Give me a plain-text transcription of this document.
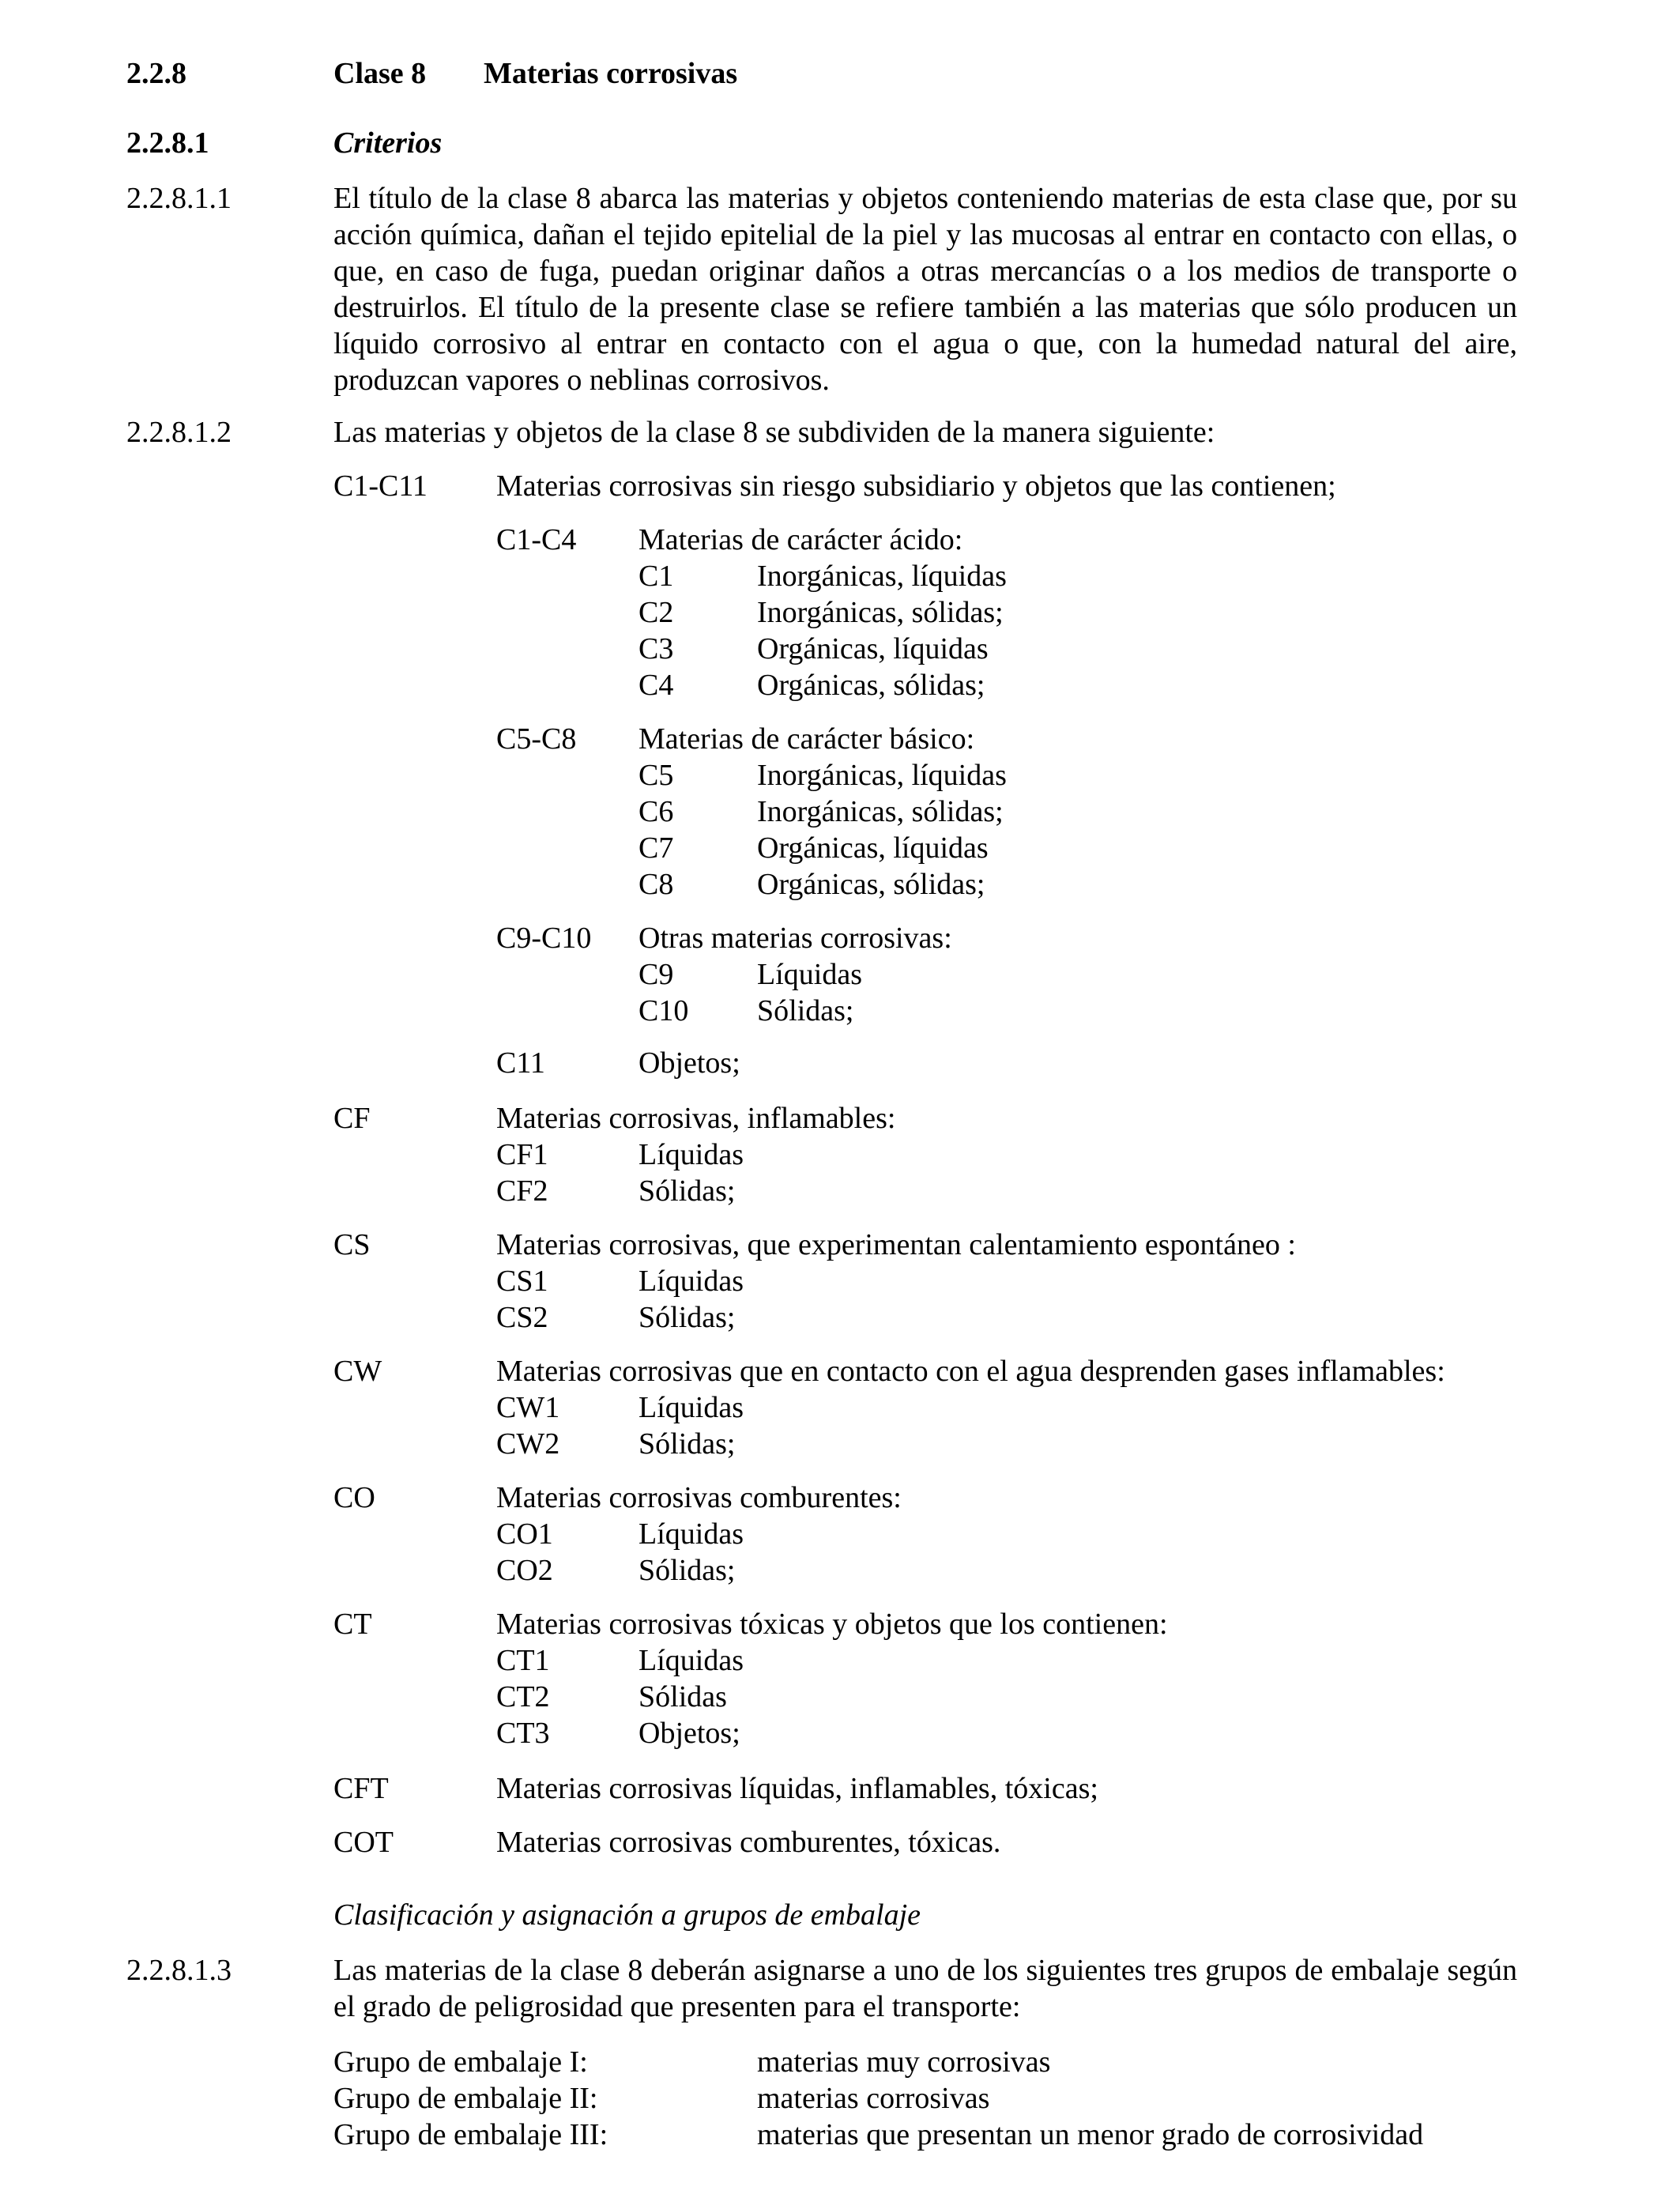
2.2.8	Clase 8 Materias corrosivas
2.2.8.1	Criterios
2.2.8.1.1	El título de la clase 8 abarca las materias y objetos conteniendo materias de esta clase que, por su acción química, dañan el tejido epitelial de la piel y las mucosas al entrar en contacto con ellas, o que, en caso de fuga, puedan originar daños a otras mercancías o a los medios de transporte o destruirlos. El título de la presente clase se refiere también a las materias que sólo producen un líquido corrosivo al entrar en contacto con el agua o que, con la humedad natural del aire, produzcan vapores o neblinas corrosivos.
2.2.8.1.2	Las materias y objetos de la clase 8 se subdividen de la manera siguiente:
C1-C11 Materias corrosivas sin riesgo subsidiario y objetos que las contienen;
C1-C4 Materias de carácter ácido:
C1	Inorgánicas, líquidas
C2	Inorgánicas, sólidas;
C3	Orgánicas, líquidas
C4	Orgánicas, sólidas;
C5-C8 Materias de carácter básico:
C5	Inorgánicas, líquidas
C6	Inorgánicas, sólidas;
C7	Orgánicas, líquidas
C8	Orgánicas, sólidas;
C9-C10 Otras materias corrosivas:
C9	Líquidas
C10 Sólidas;
C11	Objetos;
CF	Materias corrosivas, inflamables:
CF1	Líquidas
CF2	Sólidas;
CS	Materias corrosivas, que experimentan calentamiento espontáneo :
CS1	Líquidas
CS2	Sólidas;
CW	Materias corrosivas que en contacto con el agua desprenden gases inflamables:
CW1	Líquidas
CW2	Sólidas;
CO	Materias corrosivas comburentes:
CO1	Líquidas
CO2	Sólidas;
CT	Materias corrosivas tóxicas y objetos que los contienen:
CT1	Líquidas
CT2	Sólidas
CT3	Objetos;
CFT	Materias corrosivas líquidas, inflamables, tóxicas;
COT	Materias corrosivas comburentes, tóxicas.
Clasificación y asignación a grupos de embalaje
2.2.8.1.3	Las materias de la clase 8 deberán asignarse a uno de los siguientes tres grupos de embalaje según el grado de peligrosidad que presenten para el transporte:
Grupo de embalaje I:	materias muy corrosivas
Grupo de embalaje II:	materias corrosivas
Grupo de embalaje III:	materias que presentan un menor grado de corrosividad
